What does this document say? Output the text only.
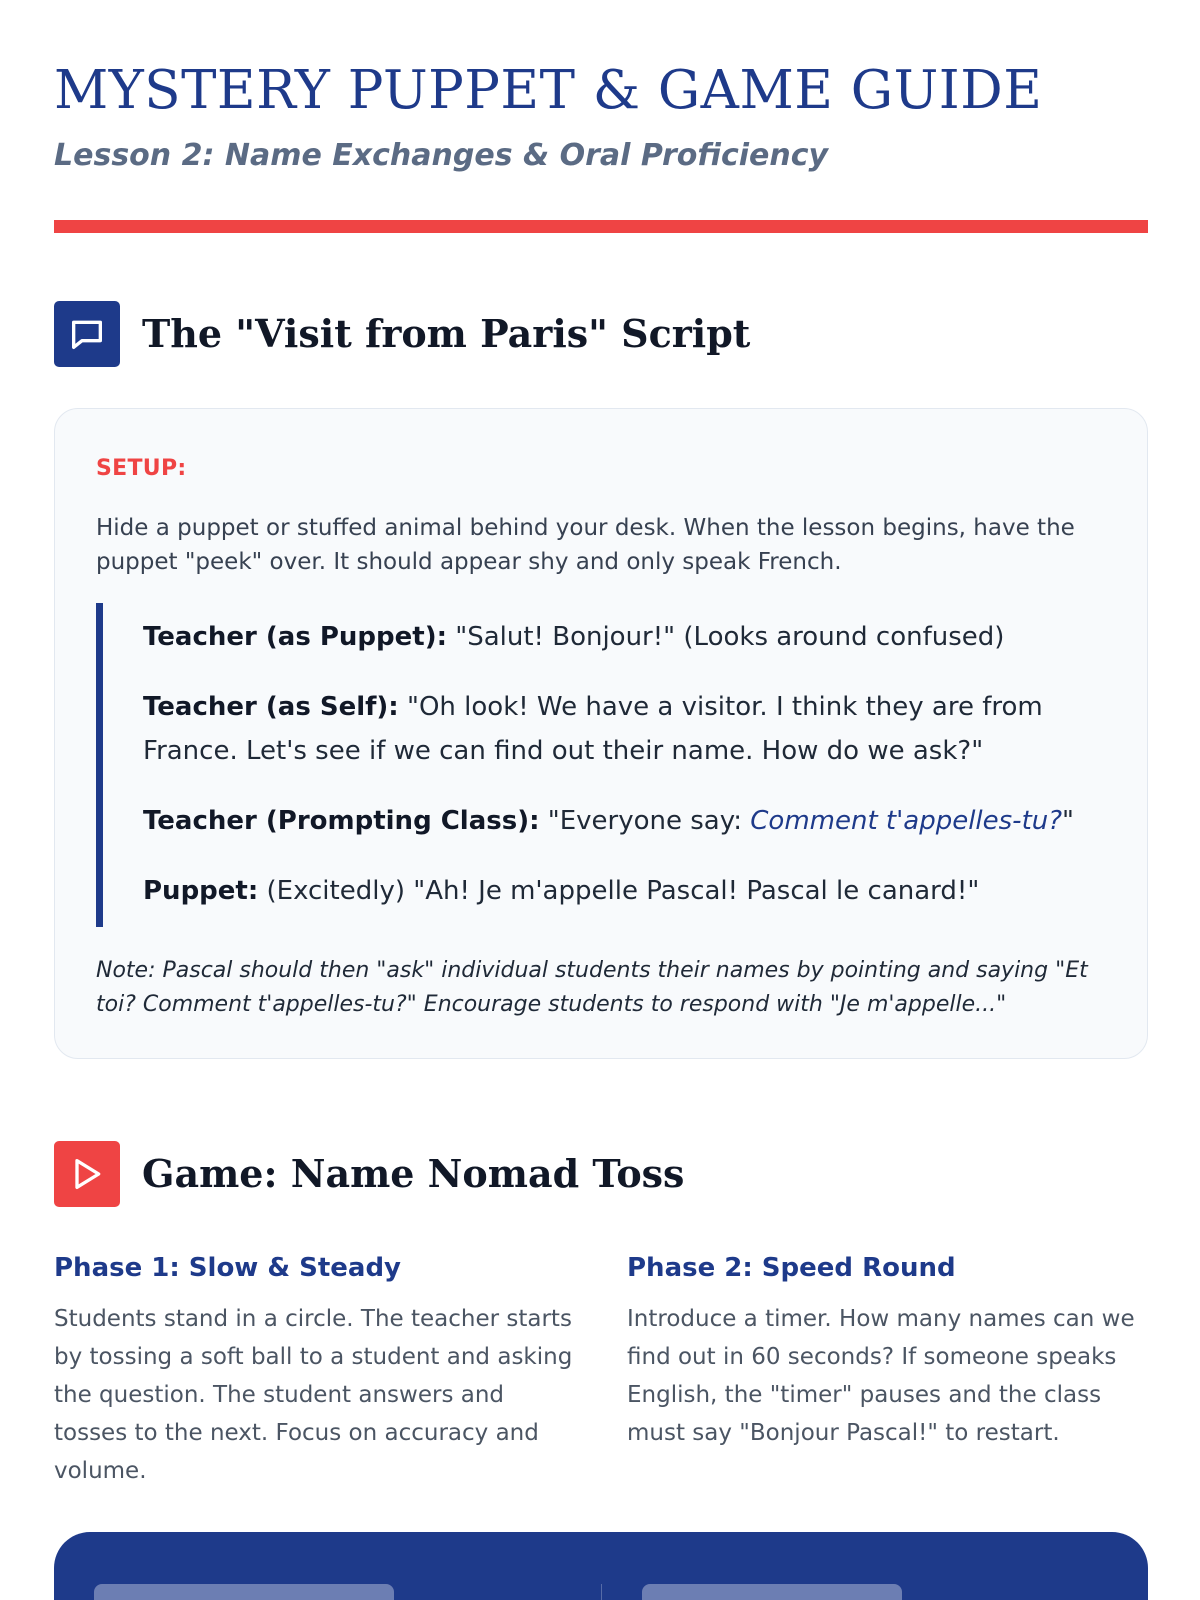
MYSTERY PUPPET & GAME GUIDE
Lesson 2: Name Exchanges & Oral Proficiency
The "Visit from Paris" Script
SETUP:

Hide a puppet or stuffed animal behind your desk. When the lesson begins, have the puppet "peek" over. It should appear shy and only speak French.

Teacher (as Puppet): "Salut! Bonjour!" (Looks around confused)

Teacher (as Self): "Oh look! We have a visitor. I think they are from France. Let's see if we can find out their name. How do we ask?"

Teacher (Prompting Class): "Everyone say: Comment t'appelles-tu?"

Puppet: (Excitedly) "Ah! Je m'appelle Pascal! Pascal le canard!"

Note: Pascal should then "ask" individual students their names by pointing and saying "Et toi? Comment t'appelles-tu?" Encourage students to respond with "Je m'appelle..."

Game: Name Nomad Toss
Phase 1: Slow & Steady

Students stand in a circle. The teacher starts by tossing a soft ball to a student and asking the question. The student answers and tosses to the next. Focus on accuracy and volume.

Phase 2: Speed Round

Introduce a timer. How many names can we find out in 60 seconds? If someone speaks English, the "timer" pauses and the class must say "Bonjour Pascal!" to restart.
